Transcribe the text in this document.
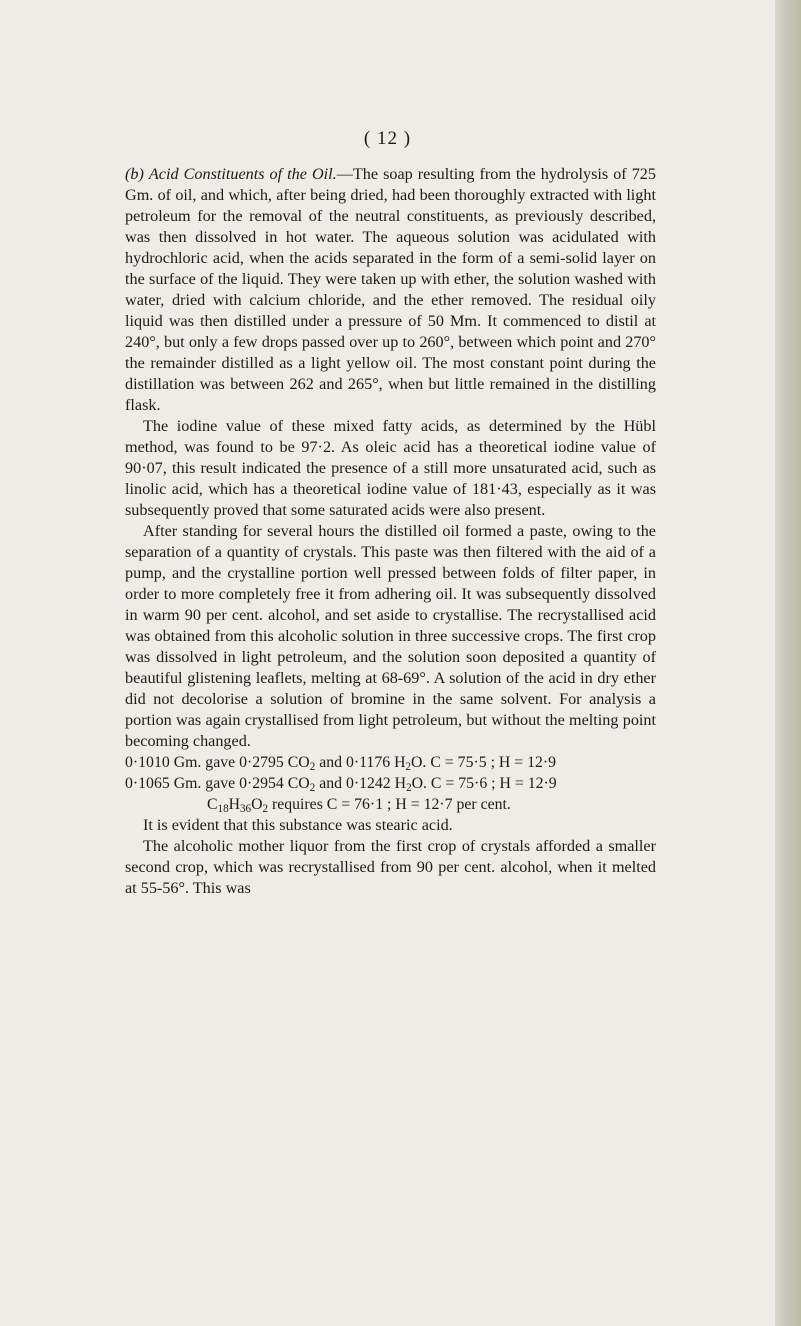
( 12 )

(b) Acid Constituents of the Oil.—The soap resulting from the hydrolysis of 725 Gm. of oil, and which, after being dried, had been thoroughly extracted with light petroleum for the removal of the neutral constituents, as previously described, was then dissolved in hot water. The aqueous solution was acidulated with hydrochloric acid, when the acids separated in the form of a semi-solid layer on the surface of the liquid. They were taken up with ether, the solution washed with water, dried with calcium chloride, and the ether removed. The residual oily liquid was then distilled under a pressure of 50 Mm. It commenced to distil at 240°, but only a few drops passed over up to 260°, between which point and 270° the remainder distilled as a light yellow oil. The most constant point during the distillation was between 262 and 265°, when but little remained in the distilling flask.

The iodine value of these mixed fatty acids, as determined by the Hübl method, was found to be 97·2. As oleic acid has a theoretical iodine value of 90·07, this result indicated the presence of a still more unsaturated acid, such as linolic acid, which has a theoretical iodine value of 181·43, especially as it was subsequently proved that some saturated acids were also present.

After standing for several hours the distilled oil formed a paste, owing to the separation of a quantity of crystals. This paste was then filtered with the aid of a pump, and the crystalline portion well pressed between folds of filter paper, in order to more completely free it from adhering oil. It was subsequently dissolved in warm 90 per cent. alcohol, and set aside to crystallise. The recrystallised acid was obtained from this alcoholic solution in three successive crops. The first crop was dissolved in light petroleum, and the solution soon deposited a quantity of beautiful glistening leaflets, melting at 68-69°. A solution of the acid in dry ether did not decolorise a solution of bromine in the same solvent. For analysis a portion was again crystallised from light petroleum, but without the melting point becoming changed.

0·1010 Gm. gave 0·2795 $CO_2$ and 0·1176 $H_2O$. C = 75·5 ; H = 12·9
0·1065 Gm. gave 0·2954 $CO_2$ and 0·1242 $H_2O$. C = 75·6 ; H = 12·9
$C_{18}H_{36}O_2$ requires C = 76·1 ; H = 12·7 per cent.

It is evident that this substance was stearic acid.

The alcoholic mother liquor from the first crop of crystals afforded a smaller second crop, which was recrystallised from 90 per cent. alcohol, when it melted at 55-56°. This was
